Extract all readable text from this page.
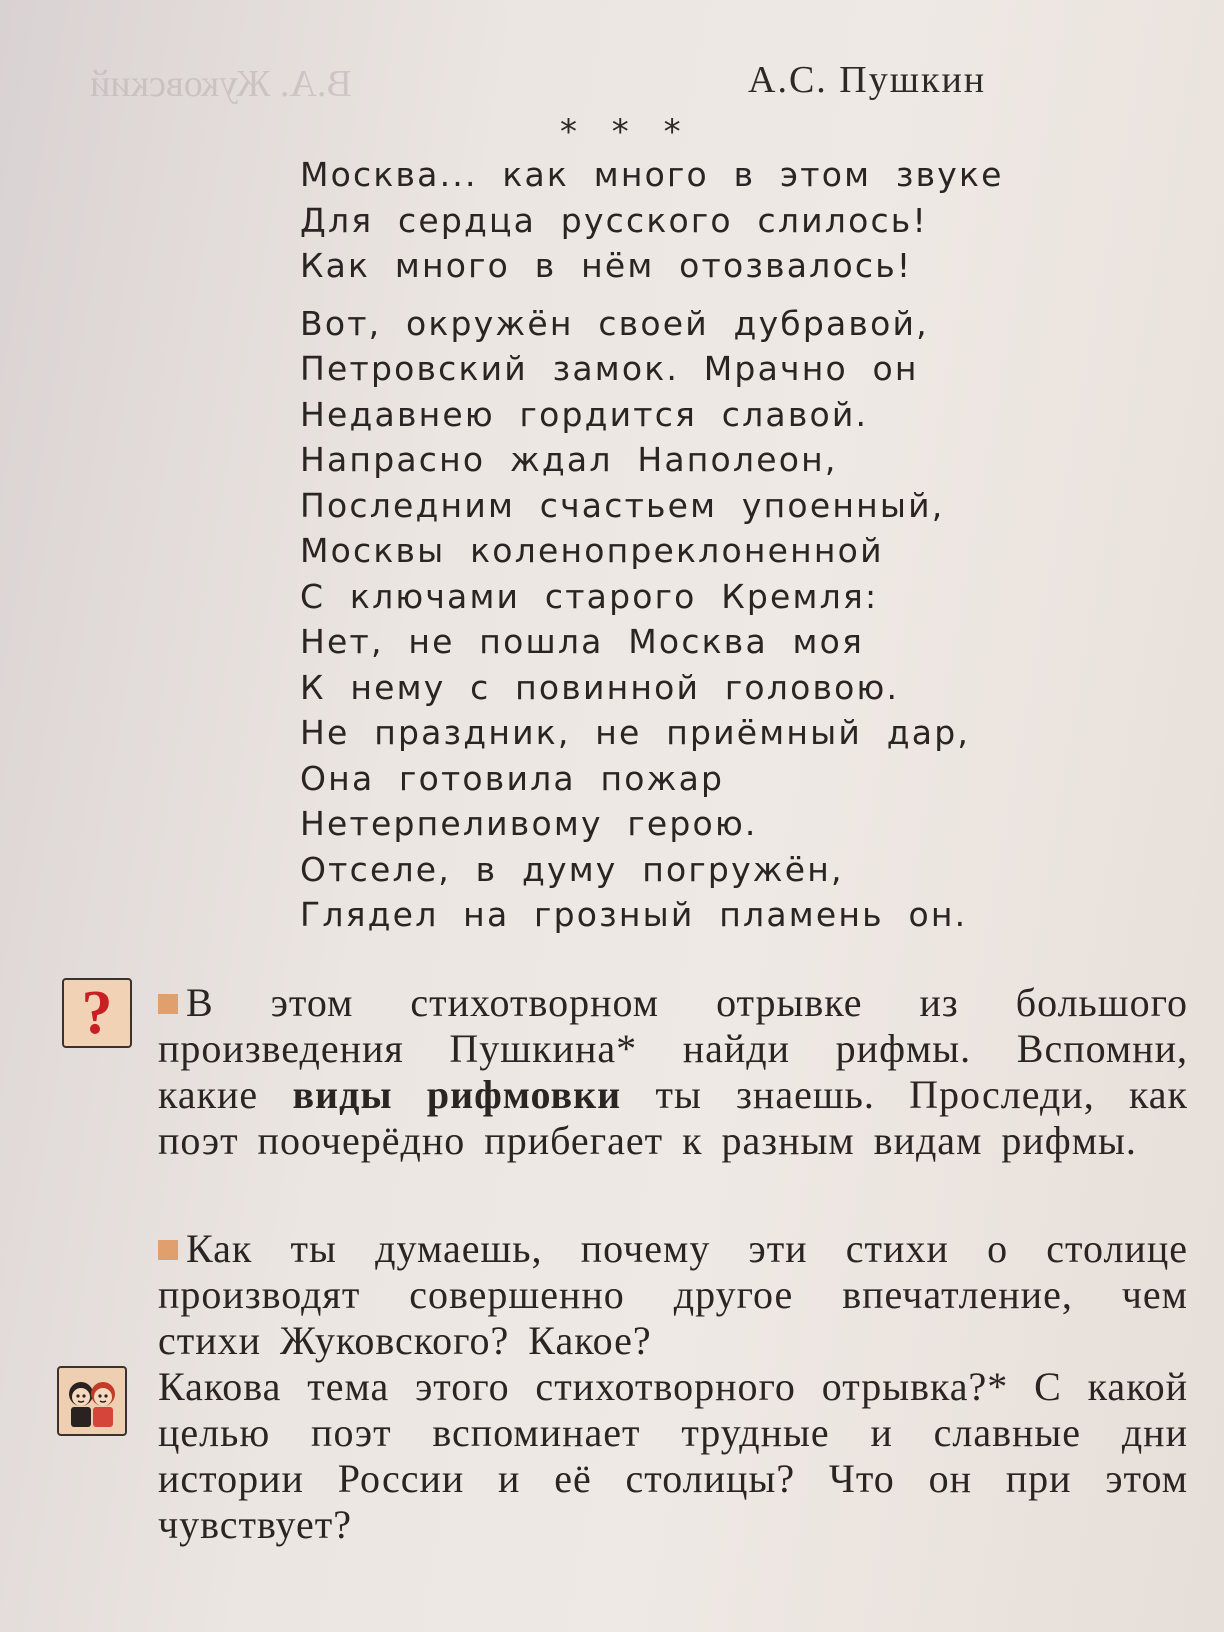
В.А. Жуковский	А.С. Пушкин
* * *
Москва... как много в этом звуке
Для сердца русского слилось!
Как много в нём отозвалось!
Вот, окружён своей дубравой,
Петровский замок. Мрачно он
Недавнею гордится славой.
Напрасно ждал Наполеон,
Последним счастьем упоенный,
Москвы коленопреклоненной
С ключами старого Кремля:
Нет, не пошла Москва моя
К нему с повинной головою.
Не праздник, не приёмный дар,
Она готовила пожар
Нетерпеливому герою.
Отселе, в думу погружён,
Глядел на грозный пламень он.
?	В этом стихотворном отрывке из большого произведения Пушкина* найди рифмы. Вспомни, какие виды рифмовки ты знаешь. Проследи, как поэт поочерёдно прибегает к разным видам рифмы.
Как ты думаешь, почему эти стихи о столице производят совершенно другое впечатление, чем стихи Жуковского? Какое?
Какова тема этого стихотворного отрывка?* С какой целью поэт вспоминает трудные и славные дни истории России и её столицы? Что он при этом чувствует?
